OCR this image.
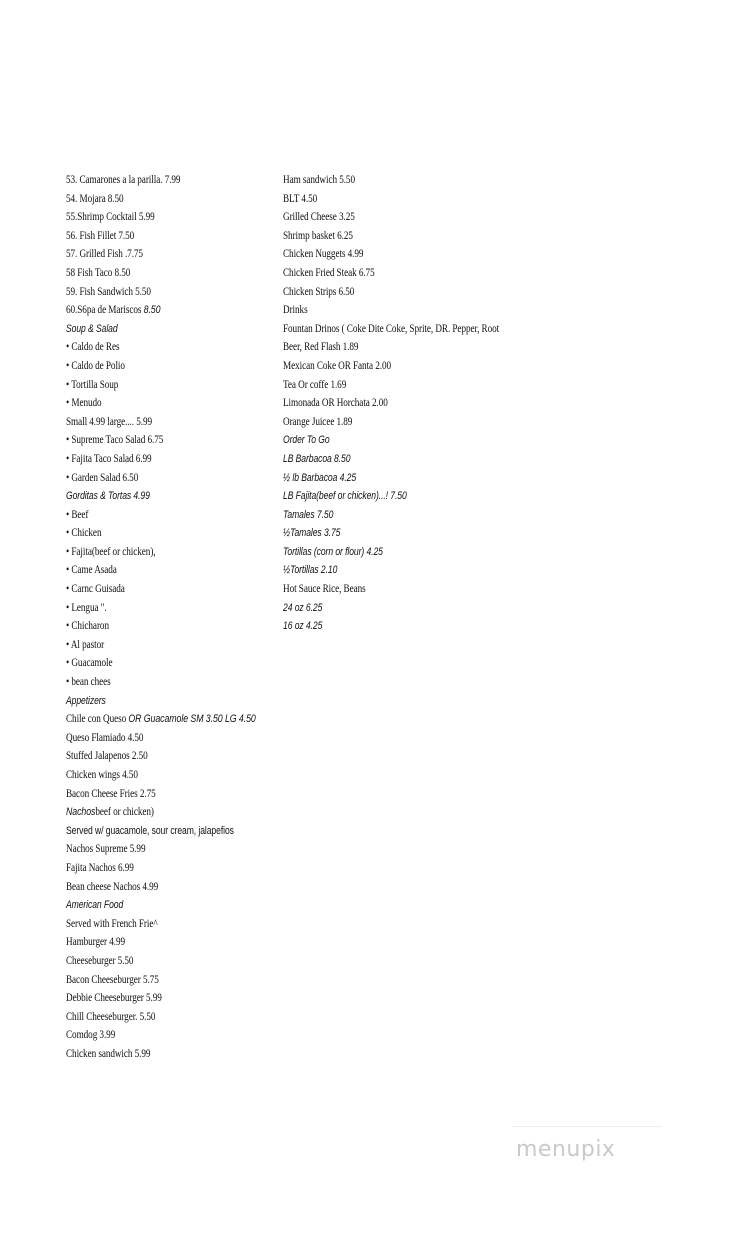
53. Camarones a la parilla. 7.99
54. Mojara 8.50
55.Shrimp Cocktail 5.99
56. Fish Fillet 7.50
57. Grilled Fish .7.75
58 Fish Taco 8.50
59. Fish Sandwich 5.50
60.S6pa de Mariscos 8.50
Soup & Salad
• Caldo de Res
• Caldo de Polio
• Tortilla Soup
• Menudo
Small 4.99 large.... 5.99
• Supreme Taco Salad 6.75
• Fajita Taco Salad 6.99
• Garden Salad 6.50
Gorditas & Tortas 4.99
• Beef
• Chicken
• Fajita(beef or chicken),
• Came Asada
• Carnc Guisada
• Lengua ".
• Chicharon
• Al pastor
• Guacamole
• bean chees
Appetizers
Chile con Queso OR Guacamole SM 3.50 LG 4.50
Queso Flamiado 4.50
Stuffed Jalapenos 2.50
Chicken wings 4.50
Bacon Cheese Fries 2.75
Nachosbeef or chicken)
Served w/ guacamole, sour cream, jalapefios
Nachos Supreme 5.99
Fajita Nachos 6.99
Bean cheese Nachos 4.99
American Food
Served with French Frie^
Hamburger 4.99
Cheeseburger 5.50
Bacon Cheeseburger 5.75
Debbie Cheeseburger 5.99
Chill Cheeseburger. 5.50
Comdog 3.99
Chicken sandwich 5.99
Ham sandwich 5.50
BLT 4.50
Grilled Cheese 3.25
Shrimp basket 6.25
Chicken Nuggets 4.99
Chicken Fried Steak 6.75
Chicken Strips 6.50
Drinks
Fountan Drinos ( Coke Dite Coke, Sprite, DR. Pepper, Root
Beer, Red Flash 1.89
Mexican Coke OR Fanta 2.00
Tea Or coffe 1.69
Limonada OR Horchata 2.00
Orange Juicee 1.89
Order To Go
LB Barbacoa 8.50
½ lb Barbacoa 4.25
LB Fajita(beef or chicken)...! 7.50
Tamales 7.50
½Tamales 3.75
Tortillas (corn or flour) 4.25
½Tortillas 2.10
Hot Sauce Rice, Beans
24 oz 6.25
16 oz 4.25
menupix
